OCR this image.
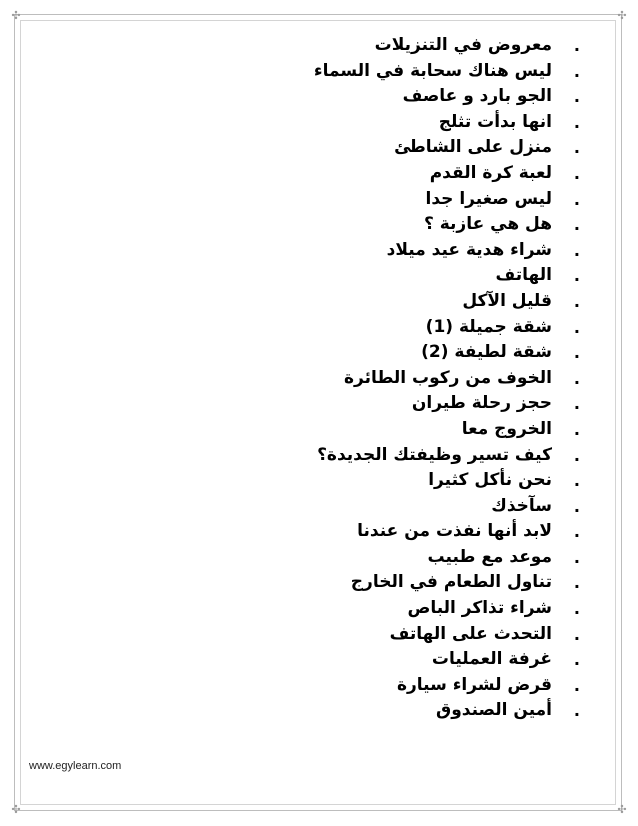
✣	✣
✣	✣
.
معروض في التنزيلات
.
ليس هناك سحابة في السماء
.
الجو بارد و عاصف
.
انها بدأت تثلج
.
منزل على الشاطئ
.
لعبة كرة القدم
.
ليس صغيرا جدا
.
هل هي عازبة ؟
.
شراء هدية عيد ميلاد
.
الهاتف
.
قليل الآكل
.
شقة جميلة (1)
.
شقة لطيفة (2)
.
الخوف من ركوب الطائرة
.
حجز رحلة طيران
.
الخروج معا
.
كيف تسير وظيفتك الجديدة؟
.
نحن نأكل كثيرا
.
سآخذك
.
لابد أنها نفذت من عندنا
.
موعد مع طبيب
.
تناول الطعام في الخارج
.
شراء تذاكر الباص
.
التحدث على الهاتف
.
غرفة العمليات
.
قرض لشراء سيارة
.
أمين الصندوق
www.egylearn.com
